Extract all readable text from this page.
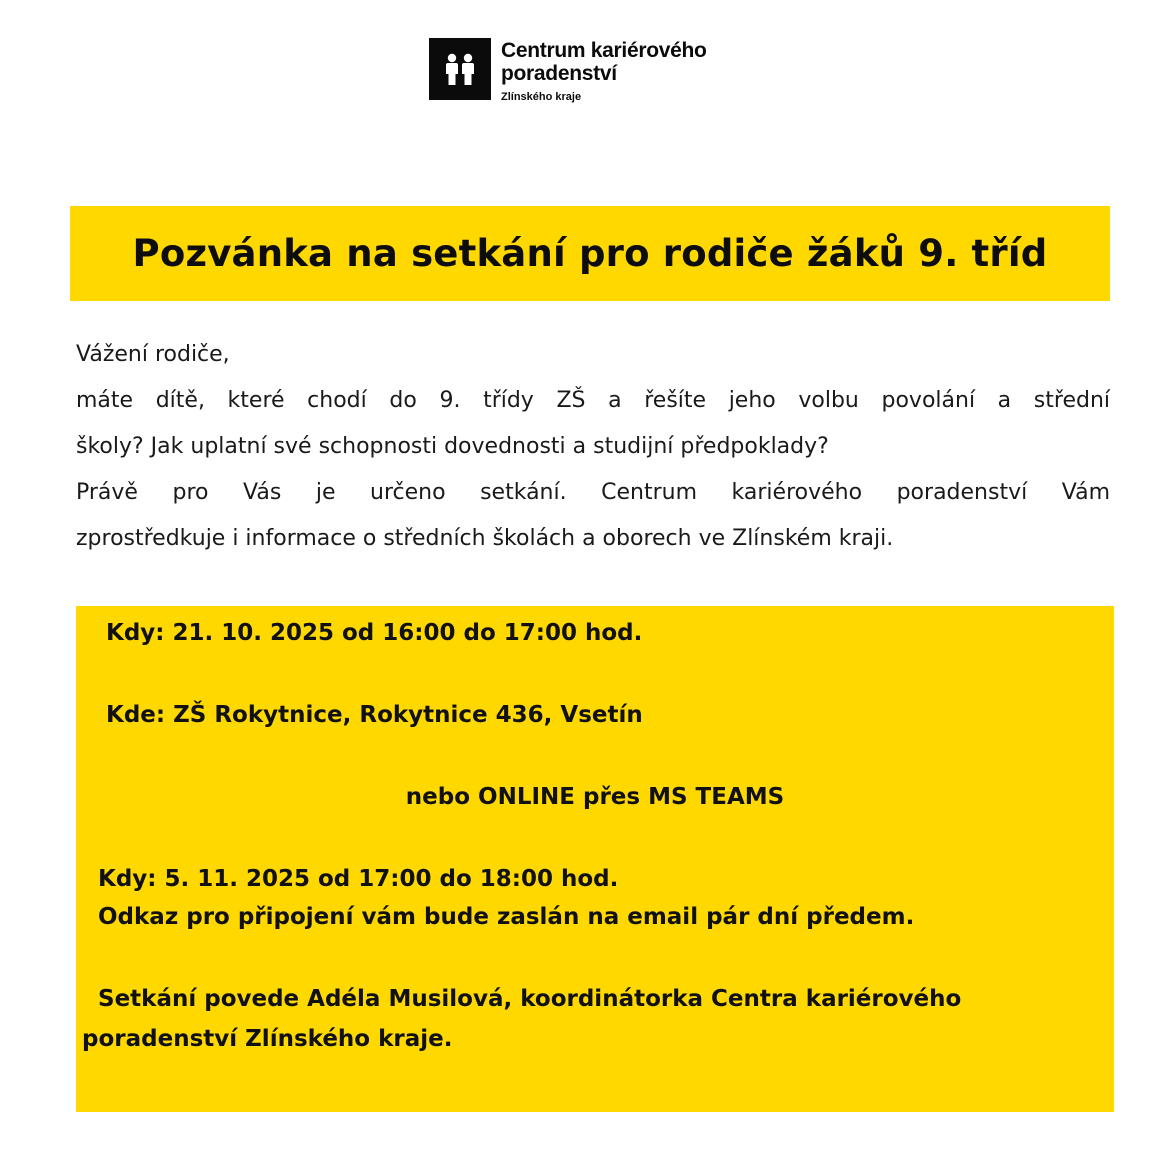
Centrum kariérového
poradenství
Zlínského kraje
Pozvánka na setkání pro rodiče žáků 9. tříd

Vážení rodiče,

máte dítě, které chodí do 9. třídy ZŠ a řešíte jeho volbu povolání a střední

školy? Jak uplatní své schopnosti dovednosti a studijní předpoklady?

Právě pro Vás je určeno setkání. Centrum kariérového poradenství Vám

zprostředkuje i informace o středních školách a oborech ve Zlínském kraji.

Kdy: 21. 10. 2025 od 16:00 do 17:00 hod.
Kde: ZŠ Rokytnice, Rokytnice 436, Vsetín
nebo ONLINE přes MS TEAMS
Kdy: 5. 11. 2025 od 17:00 do 18:00 hod.
Odkaz pro připojení vám bude zaslán na email pár dní předem.
Setkání povede Adéla Musilová, koordinátorka Centra kariérového
poradenství Zlínského kraje.
